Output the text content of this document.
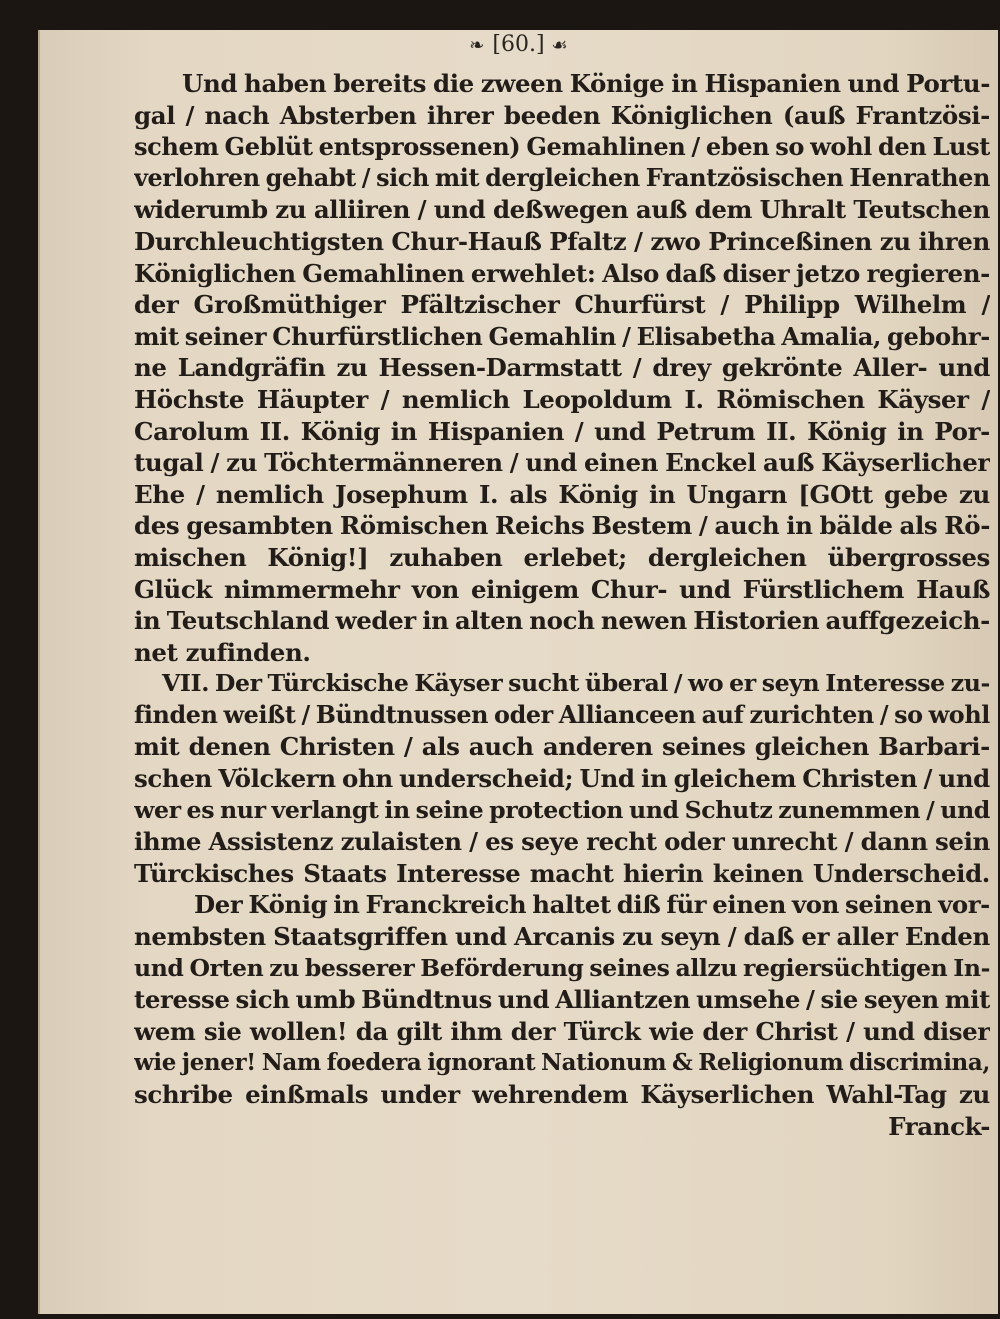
❧ [60.] ☙
Und haben bereits die zween Könige in Hispanien und Portu-
gal / nach Absterben ihrer beeden Königlichen (auß Frantzösi-
schem Geblüt entsprossenen) Gemahlinen / eben so wohl den Lust
verlohren gehabt / sich mit dergleichen Frantzösischen Henrathen
widerumb zu alliiren / und deßwegen auß dem Uhralt Teutschen
Durchleuchtigsten Chur-Hauß Pfaltz / zwo Princeßinen zu ihren
Königlichen Gemahlinen erwehlet: Also daß diser jetzo regieren-
der Großmüthiger Pfältzischer Churfürst / Philipp Wilhelm /
mit seiner Churfürstlichen Gemahlin / Elisabetha Amalia, gebohr-
ne Landgräfin zu Hessen-Darmstatt / drey gekrönte Aller- und
Höchste Häupter / nemlich Leopoldum I. Römischen Käyser /
Carolum II. König in Hispanien / und Petrum II. König in Por-
tugal / zu Töchtermänneren / und einen Enckel auß Käyserlicher
Ehe / nemlich Josephum I. als König in Ungarn [GOtt gebe zu
des gesambten Römischen Reichs Bestem / auch in bälde als Rö-
mischen König!] zuhaben erlebet; dergleichen übergrosses
Glück nimmermehr von einigem Chur- und Fürstlichem Hauß
in Teutschland weder in alten noch newen Historien auffgezeich-
net zufinden.
VII. Der Türckische Käyser sucht überal / wo er seyn Interesse zu-
finden weißt / Bündtnussen oder Allianceen auf zurichten / so wohl
mit denen Christen / als auch anderen seines gleichen Barbari-
schen Völckern ohn underscheid; Und in gleichem Christen / und
wer es nur verlangt in seine protection und Schutz zunemmen / und
ihme Assistenz zulaisten / es seye recht oder unrecht / dann sein
Türckisches Staats Interesse macht hierin keinen Underscheid.
Der König in Franckreich haltet diß für einen von seinen vor-
nembsten Staatsgriffen und Arcanis zu seyn / daß er aller Enden
und Orten zu besserer Beförderung seines allzu regiersüchtigen In-
teresse sich umb Bündtnus und Alliantzen umsehe / sie seyen mit
wem sie wollen! da gilt ihm der Türck wie der Christ / und diser
wie jener! Nam foedera ignorant Nationum & Religionum discrimina,
schribe einßmals under wehrendem Käyserlichen Wahl-Tag zu
Franck-
